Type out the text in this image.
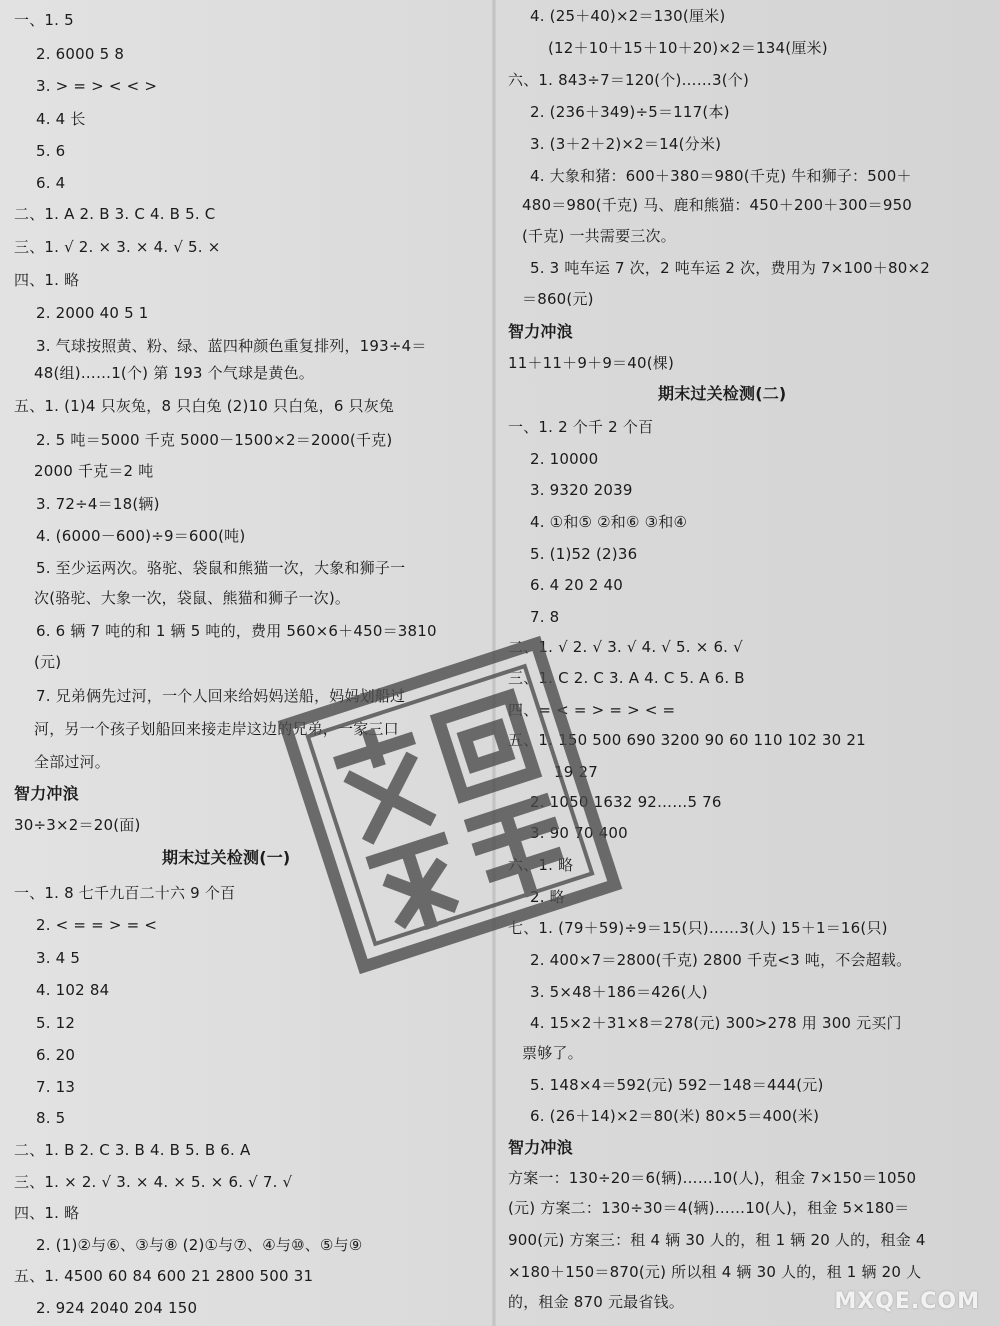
一、1. 5
2. 6000 5 8
3. > = > < < >
4. 4 长
5. 6
6. 4
二、1. A 2. B 3. C 4. B 5. C
三、1. √ 2. × 3. × 4. √ 5. ×
四、1. 略
2. 2000 40 5 1
3. 气球按照黄、粉、绿、蓝四种颜色重复排列，193÷4＝
48(组)……1(个) 第 193 个气球是黄色。
五、1. (1)4 只灰兔，8 只白兔 (2)10 只白兔，6 只灰兔
2. 5 吨＝5000 千克 5000－1500×2＝2000(千克)
2000 千克＝2 吨
3. 72÷4＝18(辆)
4. (6000－600)÷9＝600(吨)
5. 至少运两次。骆驼、袋鼠和熊猫一次，大象和狮子一
次(骆驼、大象一次，袋鼠、熊猫和狮子一次)。
6. 6 辆 7 吨的和 1 辆 5 吨的，费用 560×6＋450＝3810
(元)
7. 兄弟俩先过河，一个人回来给妈妈送船，妈妈划船过
河，另一个孩子划船回来接走岸这边的兄弟，一家三口
全部过河。
智力冲浪
30÷3×2＝20(面)
期末过关检测(一)
一、1. 8 七千九百二十六 9 个百
2. < = = > = <
3. 4 5
4. 102 84
5. 12
6. 20
7. 13
8. 5
二、1. B 2. C 3. B 4. B 5. B 6. A
三、1. × 2. √ 3. × 4. × 5. × 6. √ 7. √
四、1. 略
2. (1)②与⑥、③与⑧ (2)①与⑦、④与⑩、⑤与⑨
五、1. 4500 60 84 600 21 2800 500 31
2. 924 2040 204 150
4. (25＋40)×2＝130(厘米)
(12＋10＋15＋10＋20)×2＝134(厘米)
六、1. 843÷7＝120(个)……3(个)
2. (236＋349)÷5＝117(本)
3. (3＋2＋2)×2＝14(分米)
4. 大象和猪：600＋380＝980(千克) 牛和狮子：500＋
480＝980(千克) 马、鹿和熊猫：450＋200＋300＝950
(千克) 一共需要三次。
5. 3 吨车运 7 次，2 吨车运 2 次，费用为 7×100＋80×2
＝860(元)
智力冲浪
11＋11＋9＋9＝40(棵)
期末过关检测(二)
一、1. 2 个千 2 个百
2. 10000
3. 9320 2039
4. ①和⑤ ②和⑥ ③和④
5. (1)52 (2)36
6. 4 20 2 40
7. 8
二、1. √ 2. √ 3. √ 4. √ 5. × 6. √
三、1. C 2. C 3. A 4. C 5. A 6. B
四、= < = > = > < =
五、1. 150 500 690 3200 90 60 110 102 30 21
19 27
2. 1050 1632 92……5 76
3. 90 70 400
六、1. 略
2. 略
七、1. (79＋59)÷9＝15(只)……3(人) 15＋1＝16(只)
2. 400×7＝2800(千克) 2800 千克<3 吨，不会超载。
3. 5×48＋186＝426(人)
4. 15×2＋31×8＝278(元) 300>278 用 300 元买门
票够了。
5. 148×4＝592(元) 592－148＝444(元)
6. (26＋14)×2＝80(米) 80×5＝400(米)
智力冲浪
方案一：130÷20＝6(辆)……10(人)，租金 7×150＝1050
(元) 方案二：130÷30＝4(辆)……10(人)，租金 5×180＝
900(元) 方案三：租 4 辆 30 人的，租 1 辆 20 人的，租金 4
×180＋150＝870(元) 所以租 4 辆 30 人的，租 1 辆 20 人
的，租金 870 元最省钱。	MXQE.COM
